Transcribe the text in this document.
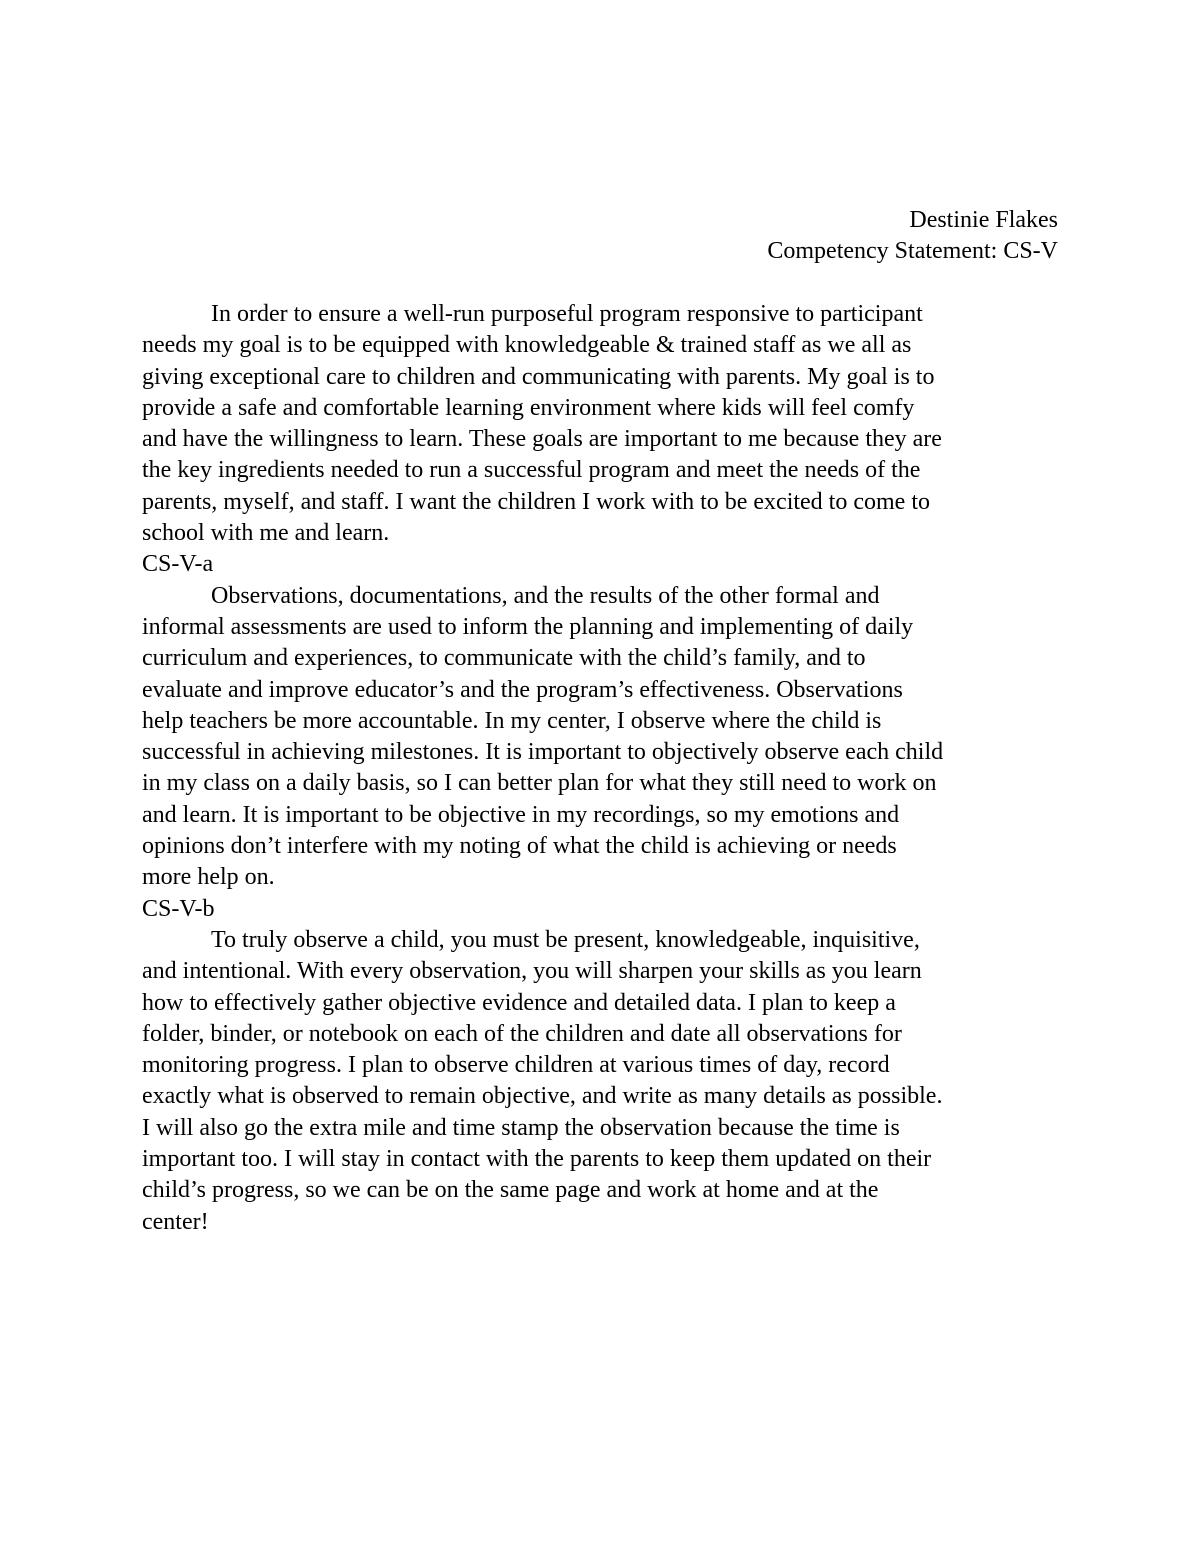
Destinie Flakes
Competency Statement: CS-V
In order to ensure a well-run purposeful program responsive to participant
needs my goal is to be equipped with knowledgeable & trained staff as we all as
giving exceptional care to children and communicating with parents. My goal is to
provide a safe and comfortable learning environment where kids will feel comfy
and have the willingness to learn. These goals are important to me because they are
the key ingredients needed to run a successful program and meet the needs of the
parents, myself, and staff. I want the children I work with to be excited to come to
school with me and learn.
CS-V-a
Observations, documentations, and the results of the other formal and
informal assessments are used to inform the planning and implementing of daily
curriculum and experiences, to communicate with the child’s family, and to
evaluate and improve educator’s and the program’s effectiveness. Observations
help teachers be more accountable. In my center, I observe where the child is
successful in achieving milestones. It is important to objectively observe each child
in my class on a daily basis, so I can better plan for what they still need to work on
and learn. It is important to be objective in my recordings, so my emotions and
opinions don’t interfere with my noting of what the child is achieving or needs
more help on.
CS-V-b
To truly observe a child, you must be present, knowledgeable, inquisitive,
and intentional. With every observation, you will sharpen your skills as you learn
how to effectively gather objective evidence and detailed data. I plan to keep a
folder, binder, or notebook on each of the children and date all observations for
monitoring progress. I plan to observe children at various times of day, record
exactly what is observed to remain objective, and write as many details as possible.
I will also go the extra mile and time stamp the observation because the time is
important too. I will stay in contact with the parents to keep them updated on their
child’s progress, so we can be on the same page and work at home and at the
center!
